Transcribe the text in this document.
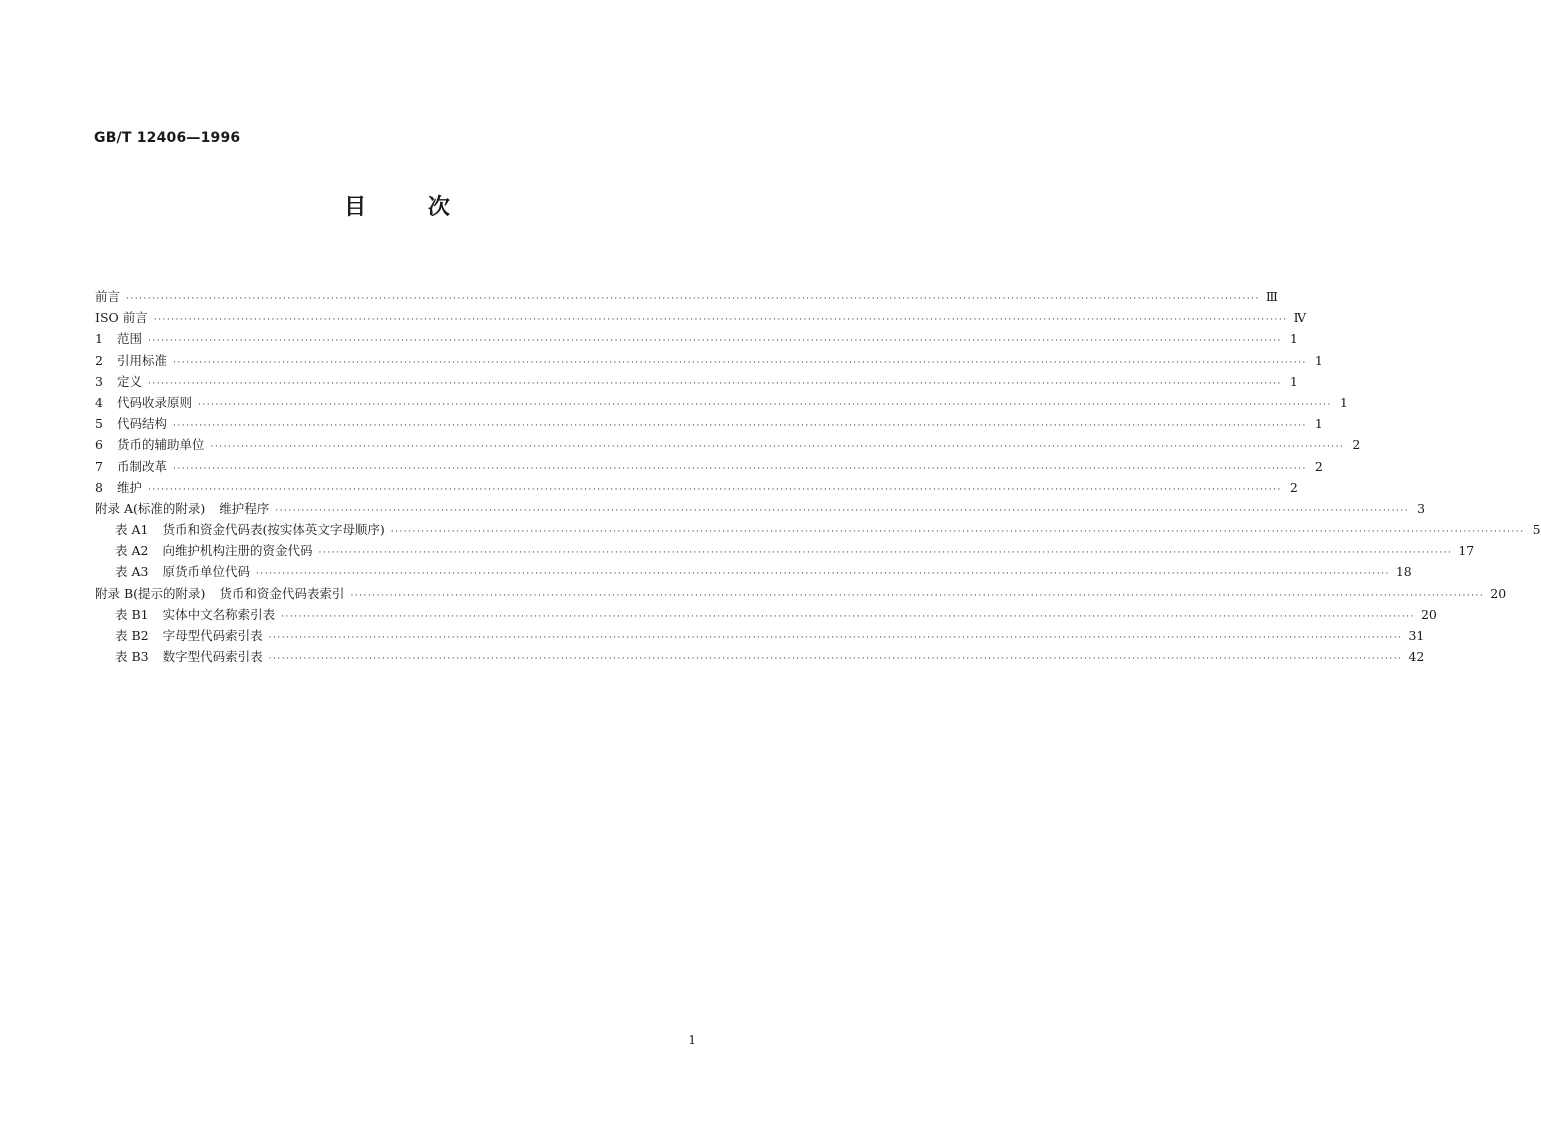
GB/T 12406—1996
目	次
前言 ···································································································································································································································································· Ⅲ
ISO 前言 ···································································································································································································································································· Ⅳ
1	范围 ···································································································································································································································································· 1
2	引用标准 ···································································································································································································································································· 1
3	定义 ···································································································································································································································································· 1
4	代码收录原则 ···································································································································································································································································· 1
5	代码结构 ···································································································································································································································································· 1
6	货币的辅助单位 ···································································································································································································································································· 2
7	币制改革 ···································································································································································································································································· 2
8	维护 ···································································································································································································································································· 2
附录 A(标准的附录) 维护程序 ···································································································································································································································································· 3
表 A1 货币和资金代码表(按实体英文字母顺序) ···································································································································································································································································· 5
表 A2 向维护机构注册的资金代码 ···································································································································································································································································· 17
表 A3 原货币单位代码 ···································································································································································································································································· 18
附录 B(提示的附录) 货币和资金代码表索引 ···································································································································································································································································· 20
表 B1 实体中文名称索引表 ···································································································································································································································································· 20
表 B2 字母型代码索引表 ···································································································································································································································································· 31
表 B3 数字型代码索引表 ···································································································································································································································································· 42
1
